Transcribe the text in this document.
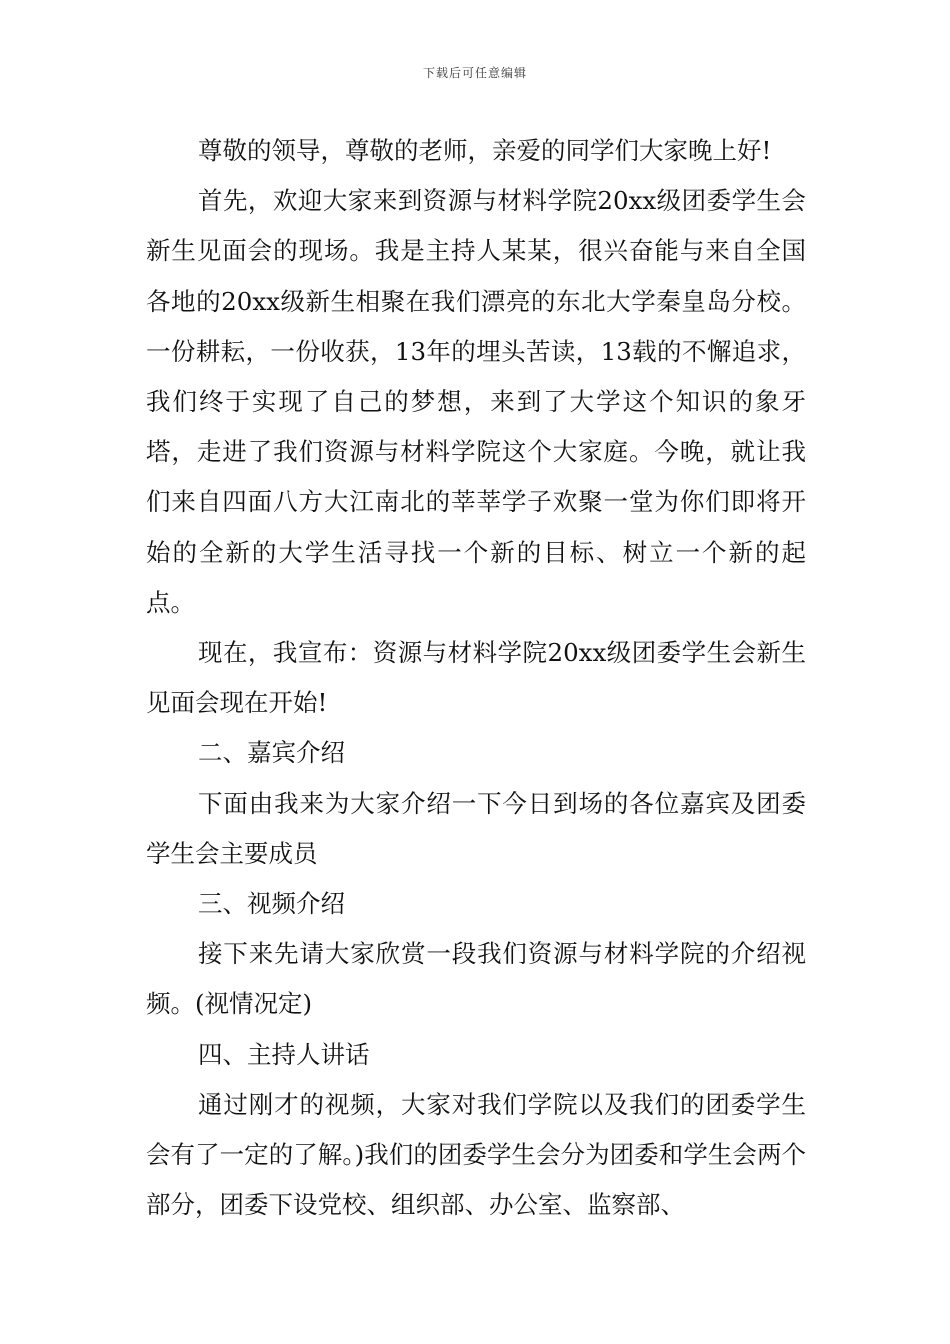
下载后可任意编辑

尊敬的领导，尊敬的老师，亲爱的同学们大家晚上好!

首先，欢迎大家来到资源与材料学院20xx级团委学生会新生见面会的现场。我是主持人某某，很兴奋能与来自全国各地的20xx级新生相聚在我们漂亮的东北大学秦皇岛分校。一份耕耘，一份收获，13年的埋头苦读，13载的不懈追求，我们终于实现了自己的梦想，来到了大学这个知识的象牙塔，走进了我们资源与材料学院这个大家庭。今晚，就让我们来自四面八方大江南北的莘莘学子欢聚一堂为你们即将开始的全新的大学生活寻找一个新的目标、树立一个新的起点。

现在，我宣布：资源与材料学院20xx级团委学生会新生见面会现在开始!

二、嘉宾介绍

下面由我来为大家介绍一下今日到场的各位嘉宾及团委学生会主要成员

三、视频介绍

接下来先请大家欣赏一段我们资源与材料学院的介绍视频。(视情况定)

四、主持人讲话

通过刚才的视频，大家对我们学院以及我们的团委学生会有了一定的了解。)我们的团委学生会分为团委和学生会两个部分，团委下设党校、组织部、办公室、监察部、
